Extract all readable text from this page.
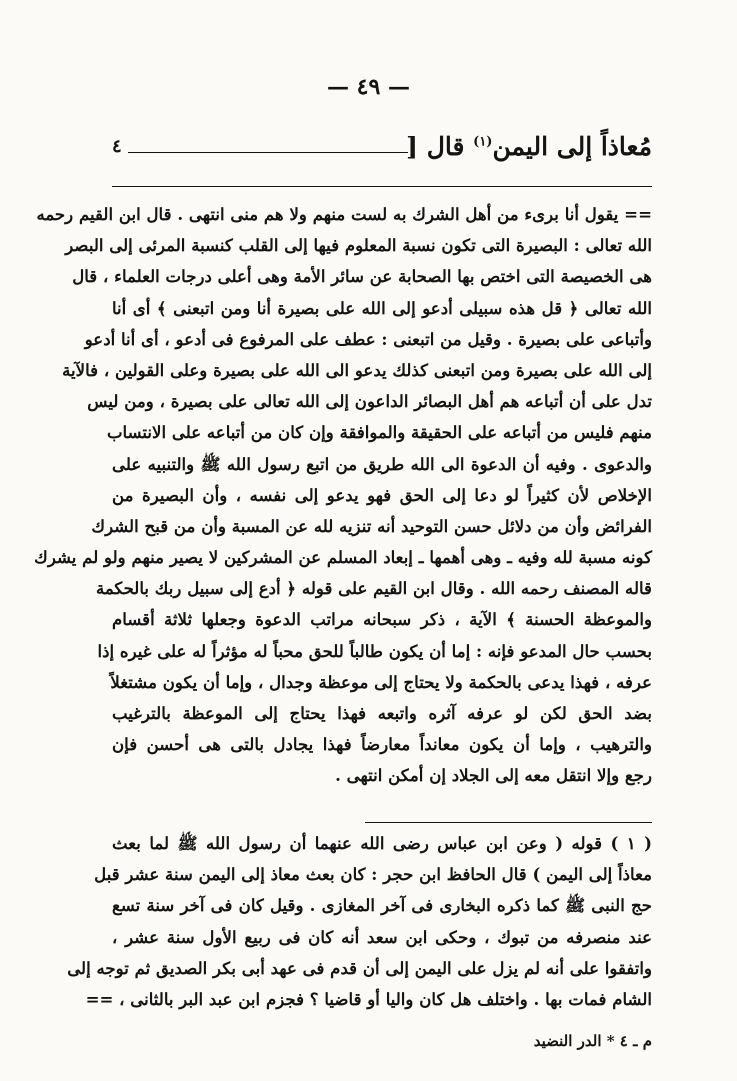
— ٤٩ —
مُعاذاً إلى اليمن$^{(١)}$ قال [
٤
== يقول أنا برىء من أهل الشرك به لست منهم ولا هم منى انتهى . قال ابن القيم رحمه
الله تعالى : البصيرة التى تكون نسبة المعلوم فيها إلى القلب كنسبة المرئى إلى البصر
هى الخصيصة التى اختص بها الصحابة عن سائر الأمة وهى أعلى درجات العلماء ، قال
الله تعالى ﴿ قل هذه سبيلى أدعو إلى الله على بصيرة أنا ومن اتبعنى ﴾ أى أنا
وأتباعى على بصيرة . وقيل من اتبعنى : عطف على المرفوع فى أدعو ، أى أنا أدعو
إلى الله على بصيرة ومن اتبعنى كذلك يدعو الى الله على بصيرة وعلى القولين ، فالآية
تدل على أن أتباعه هم أهل البصائر الداعون إلى الله تعالى على بصيرة ، ومن ليس
منهم فليس من أتباعه على الحقيقة والموافقة وإن كان من أتباعه على الانتساب
والدعوى . وفيه أن الدعوة الى الله طريق من اتبع رسول الله ﷺ والتنبيه على
الإخلاص لأن كثيراً لو دعا إلى الحق فهو يدعو إلى نفسه ، وأن البصيرة من
الفرائض وأن من دلائل حسن التوحيد أنه تنزيه لله عن المسبة وأن من قبح الشرك
كونه مسبة لله وفيه ـ وهى أهمها ـ إبعاد المسلم عن المشركين لا يصير منهم ولو لم يشرك
قاله المصنف رحمه الله . وقال ابن القيم على قوله ﴿ أدع إلى سبيل ربك بالحكمة
والموعظة الحسنة ﴾ الآية ، ذكر سبحانه مراتب الدعوة وجعلها ثلاثة أقسام
بحسب حال المدعو فإنه : إما أن يكون طالباً للحق محباً له مؤثراً له على غيره إذا
عرفه ، فهذا يدعى بالحكمة ولا يحتاج إلى موعظة وجدال ، وإما أن يكون مشتغلاً
بضد الحق لكن لو عرفه آثره واتبعه فهذا يحتاج إلى الموعظة بالترغيب
والترهيب ، وإما أن يكون معانداً معارضاً فهذا يجادل بالتى هى أحسن فإن
رجع وإلا انتقل معه إلى الجلاد إن أمكن انتهى .
( ١ ) قوله ( وعن ابن عباس رضى الله عنهما أن رسول الله ﷺ لما بعث
معاذاً إلى اليمن ) قال الحافظ ابن حجر : كان بعث معاذ إلى اليمن سنة عشر قبل
حج النبى ﷺ كما ذكره البخارى فى آخر المغازى . وقيل كان فى آخر سنة تسع
عند منصرفه من تبوك ، وحكى ابن سعد أنه كان فى ربيع الأول سنة عشر ،
واتفقوا على أنه لم يزل على اليمن إلى أن قدم فى عهد أبى بكر الصديق ثم توجه إلى
الشام فمات بها . واختلف هل كان واليا أو قاضيا ؟ فجزم ابن عبد البر بالثانى ، ==
م ـ ٤ * الدر النضيد
